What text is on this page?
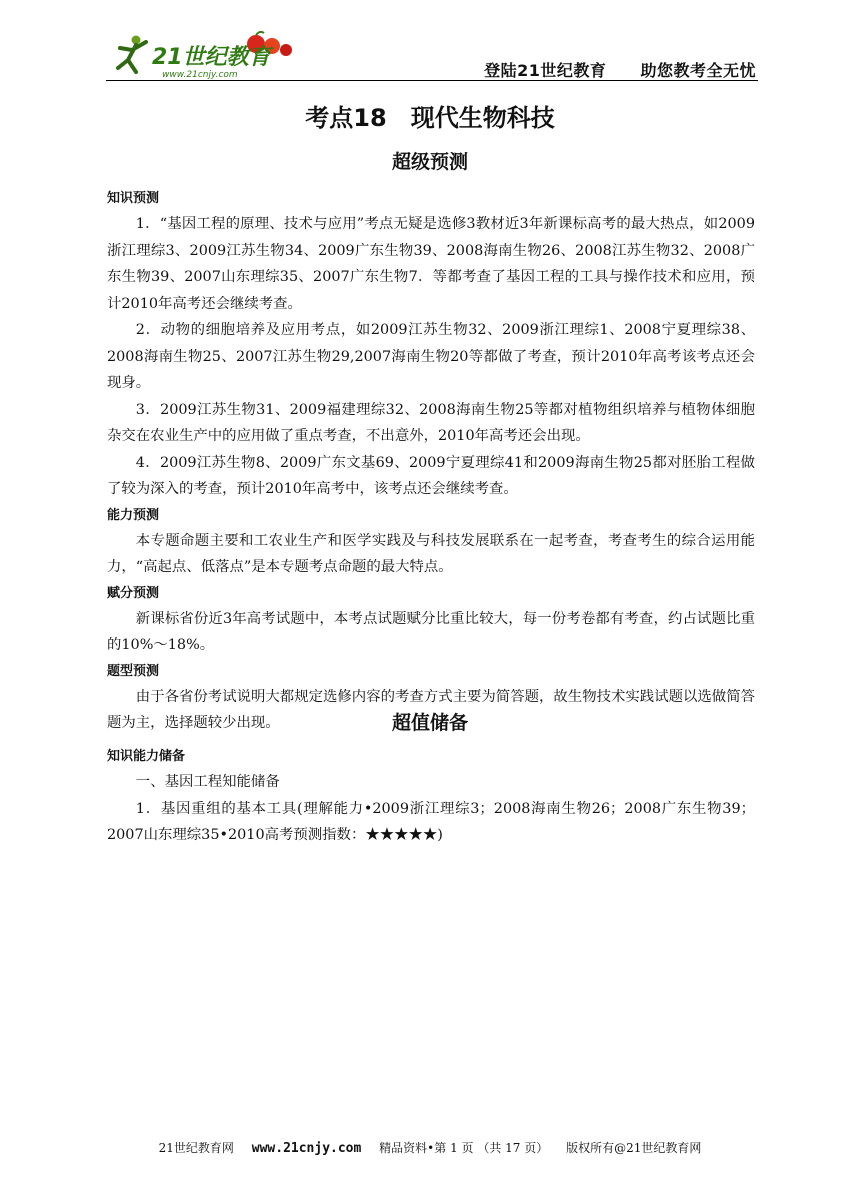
21世纪教育
www.21cnjy.com	登陆21世纪教育 助您教考全无忧
考点18　现代生物科技
超级预测
知识预测

1．“基因工程的原理、技术与应用”考点无疑是选修3教材近3年新课标高考的最大热点，如2009浙江理综3、2009江苏生物34、2009广东生物39、2008海南生物26、2008江苏生物32、2008广东生物39、2007山东理综35、2007广东生物7．等都考查了基因工程的工具与操作技术和应用，预计2010年高考还会继续考查。

2．动物的细胞培养及应用考点，如2009江苏生物32、2009浙江理综1、2008宁夏理综38、2008海南生物25、2007江苏生物29,2007海南生物20等都做了考查，预计2010年高考该考点还会现身。

3．2009江苏生物31、2009福建理综32、2008海南生物25等都对植物组织培养与植物体细胞杂交在农业生产中的应用做了重点考查，不出意外，2010年高考还会出现。

4．2009江苏生物8、2009广东文基69、2009宁夏理综41和2009海南生物25都对胚胎工程做了较为深入的考查，预计2010年高考中，该考点还会继续考查。

能力预测

本专题命题主要和工农业生产和医学实践及与科技发展联系在一起考查，考查考生的综合运用能力，“高起点、低落点”是本专题考点命题的最大特点。

赋分预测

新课标省份近3年高考试题中，本考点试题赋分比重比较大，每一份考卷都有考查，约占试题比重的10%～18%。

题型预测

由于各省份考试说明大都规定选修内容的考查方式主要为简答题，故生物技术实践试题以选做简答题为主，选择题较少出现。	超值储备
知识能力储备

一、基因工程知能储备

1．基因重组的基本工具(理解能力•2009浙江理综3；2008海南生物26；2008广东生物39；2007山东理综35•2010高考预测指数：★★★★★)

21世纪教育网 www.21cnjy.com 精品资料•第 1 页 （共 17 页） 版权所有@21世纪教育网
